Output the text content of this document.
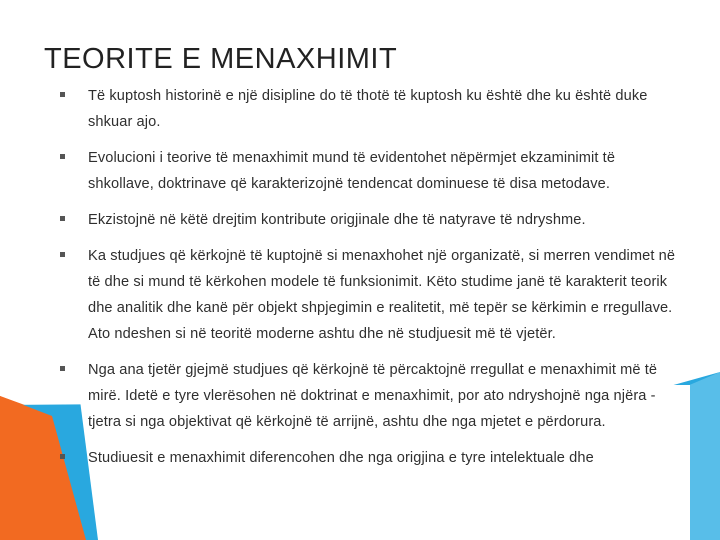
TEORITE E MENAXHIMIT
Të kuptosh historinë e një disipline do të thotë të kuptosh ku është dhe ku është duke shkuar ajo.
Evolucioni i teorive të menaxhimit mund të evidentohet nëpërmjet ekzaminimit të shkollave, doktrinave që karakterizojnë tendencat dominuese të disa metodave.
Ekzistojnë në këtë drejtim kontribute origjinale dhe të natyrave të ndryshme.
Ka studjues që kërkojnë të kuptojnë si menaxhohet një organizatë, si merren vendimet në të dhe si mund të kërkohen modele të funksionimit. Këto studime janë të karakterit teorik dhe analitik dhe kanë për objekt shpjegimin e realitetit, më tepër se kërkimin e rregullave. Ato ndeshen si në teoritë moderne ashtu dhe në studjuesit më të vjetër.
Nga ana tjetër gjejmë studjues që kërkojnë të përcaktojnë rregullat e menaxhimit më të mirë. Idetë e tyre vlerësohen në doktrinat e menaxhimit, por ato ndryshojnë nga njëra - tjetra si nga objektivat që kërkojnë të arrijnë, ashtu dhe nga mjetet e përdorura.
Studiuesit e menaxhimit diferencohen dhe nga origjina e tyre intelektuale dhe
